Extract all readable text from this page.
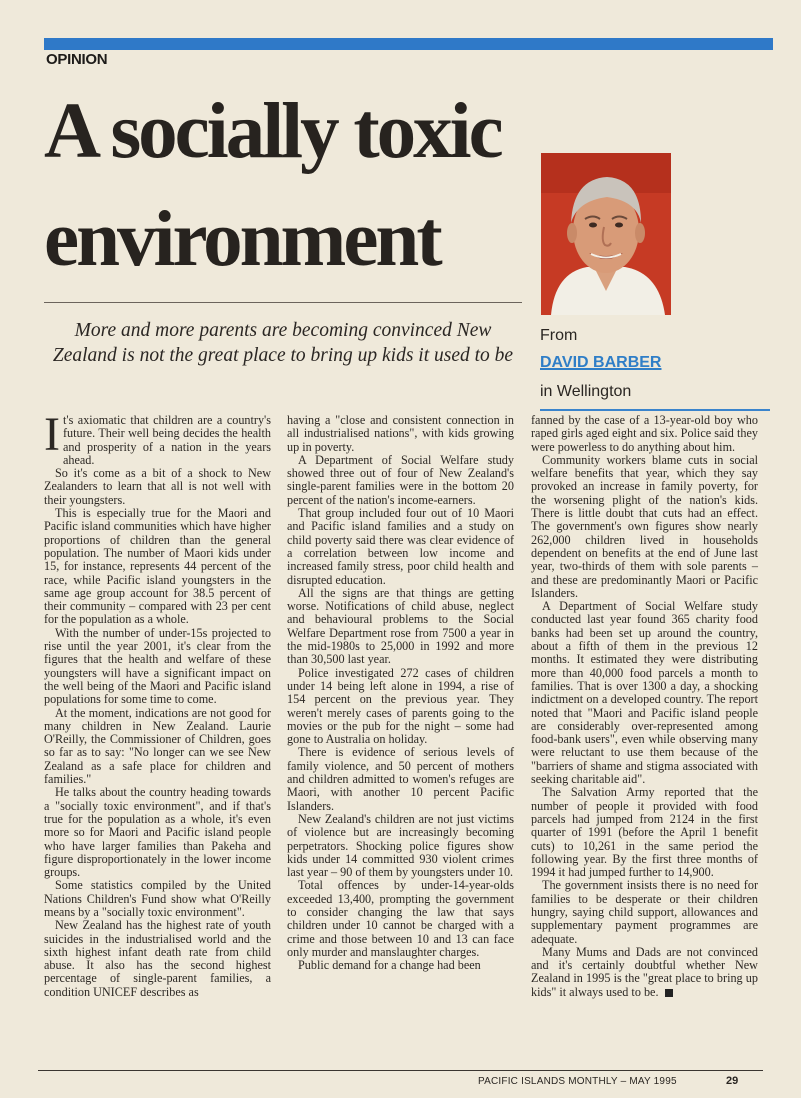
OPINION
A socially toxic environment

More and more parents are becoming convinced New Zealand is not the great place to bring up kids it used to be

From
DAVID BARBER
in Wellington

It's axiomatic that children are a country's future. Their well being decides the health and prosperity of a nation in the years ahead.

So it's come as a bit of a shock to New Zealanders to learn that all is not well with their youngsters.

This is especially true for the Maori and Pacific island communities which have higher proportions of children than the general population. The number of Maori kids under 15, for instance, represents 44 percent of the race, while Pacific island youngsters in the same age group account for 38.5 percent of their community – compared with 23 per cent for the population as a whole.

With the number of under-15s projected to rise until the year 2001, it's clear from the figures that the health and welfare of these youngsters will have a significant impact on the well being of the Maori and Pacific island populations for some time to come.

At the moment, indications are not good for many children in New Zealand. Laurie O'Reilly, the Commissioner of Children, goes so far as to say: "No longer can we see New Zealand as a safe place for children and families."

He talks about the country heading towards a "socially toxic environment", and if that's true for the population as a whole, it's even more so for Maori and Pacific island people who have larger families than Pakeha and figure disproportionately in the lower income groups.

Some statistics compiled by the United Nations Children's Fund show what O'Reilly means by a "socially toxic environment".

New Zealand has the highest rate of youth suicides in the industrialised world and the sixth highest infant death rate from child abuse. It also has the second highest percentage of single-parent families, a condition UNICEF describes as

having a "close and consistent connection in all industrialised nations", with kids growing up in poverty.

A Department of Social Welfare study showed three out of four of New Zealand's single-parent families were in the bottom 20 percent of the nation's income-earners.

That group included four out of 10 Maori and Pacific island families and a study on child poverty said there was clear evidence of a correlation between low income and increased family stress, poor child health and disrupted education.

All the signs are that things are getting worse. Notifications of child abuse, neglect and behavioural problems to the Social Welfare Department rose from 7500 a year in the mid-1980s to 25,000 in 1992 and more than 30,500 last year.

Police investigated 272 cases of children under 14 being left alone in 1994, a rise of 154 percent on the previous year. They weren't merely cases of parents going to the movies or the pub for the night – some had gone to Australia on holiday.

There is evidence of serious levels of family violence, and 50 percent of mothers and children admitted to women's refuges are Maori, with another 10 percent Pacific Islanders.

New Zealand's children are not just victims of violence but are increasingly becoming perpetrators. Shocking police figures show kids under 14 committed 930 violent crimes last year – 90 of them by youngsters under 10.

Total offences by under-14-year-olds exceeded 13,400, prompting the government to consider changing the law that says children under 10 cannot be charged with a crime and those between 10 and 13 can face only murder and manslaughter charges.

Public demand for a change had been

fanned by the case of a 13-year-old boy who raped girls aged eight and six. Police said they were powerless to do anything about him.

Community workers blame cuts in social welfare benefits that year, which they say provoked an increase in family poverty, for the worsening plight of the nation's kids. There is little doubt that cuts had an effect. The government's own figures show nearly 262,000 children lived in households dependent on benefits at the end of June last year, two-thirds of them with sole parents – and these are predominantly Maori or Pacific Islanders.

A Department of Social Welfare study conducted last year found 365 charity food banks had been set up around the country, about a fifth of them in the previous 12 months. It estimated they were distributing more than 40,000 food parcels a month to families. That is over 1300 a day, a shocking indictment on a developed country. The report noted that "Maori and Pacific island people are considerably over-represented among food-bank users", even while observing many were reluctant to use them because of the "barriers of shame and stigma associated with seeking charitable aid".

The Salvation Army reported that the number of people it provided with food parcels had jumped from 2124 in the first quarter of 1991 (before the April 1 benefit cuts) to 10,261 in the same period the following year. By the first three months of 1994 it had jumped further to 14,900.

The government insists there is no need for families to be desperate or their children hungry, saying child support, allowances and supplementary payment programmes are adequate.

Many Mums and Dads are not convinced and it's certainly doubtful whether New Zealand in 1995 is the "great place to bring up kids" it always used to be.

PACIFIC ISLANDS MONTHLY – MAY 1995	29
